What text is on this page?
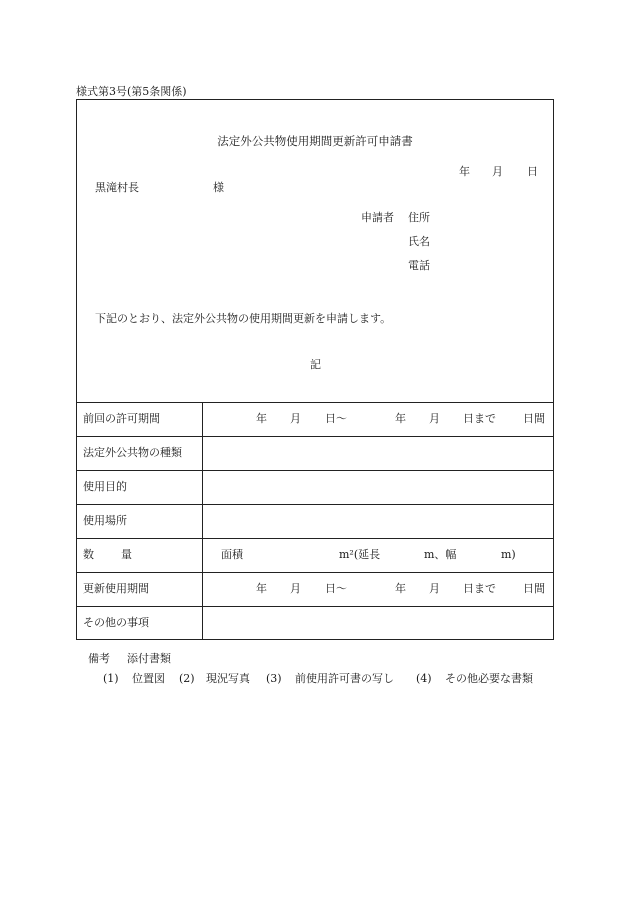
様式第3号(第5条関係)
法定外公共物使用期間更新許可申請書
年 月 日
黒滝村長	様
申請者 住所
氏名
電話
下記のとおり、法定外公共物の使用期間更新を申請します。
記
前回の許可期間	年 月 日〜	年 月 日まで 日間
法定外公共物の種類
使用目的
使用場所
数 量	面積	m²(延長	m、幅	m)
更新使用期間	年 月 日〜	年 月 日まで 日間
その他の事項
備考 添付書類
(1) 位置図 (2) 現況写真 (3) 前使用許可書の写し (4) その他必要な書類
